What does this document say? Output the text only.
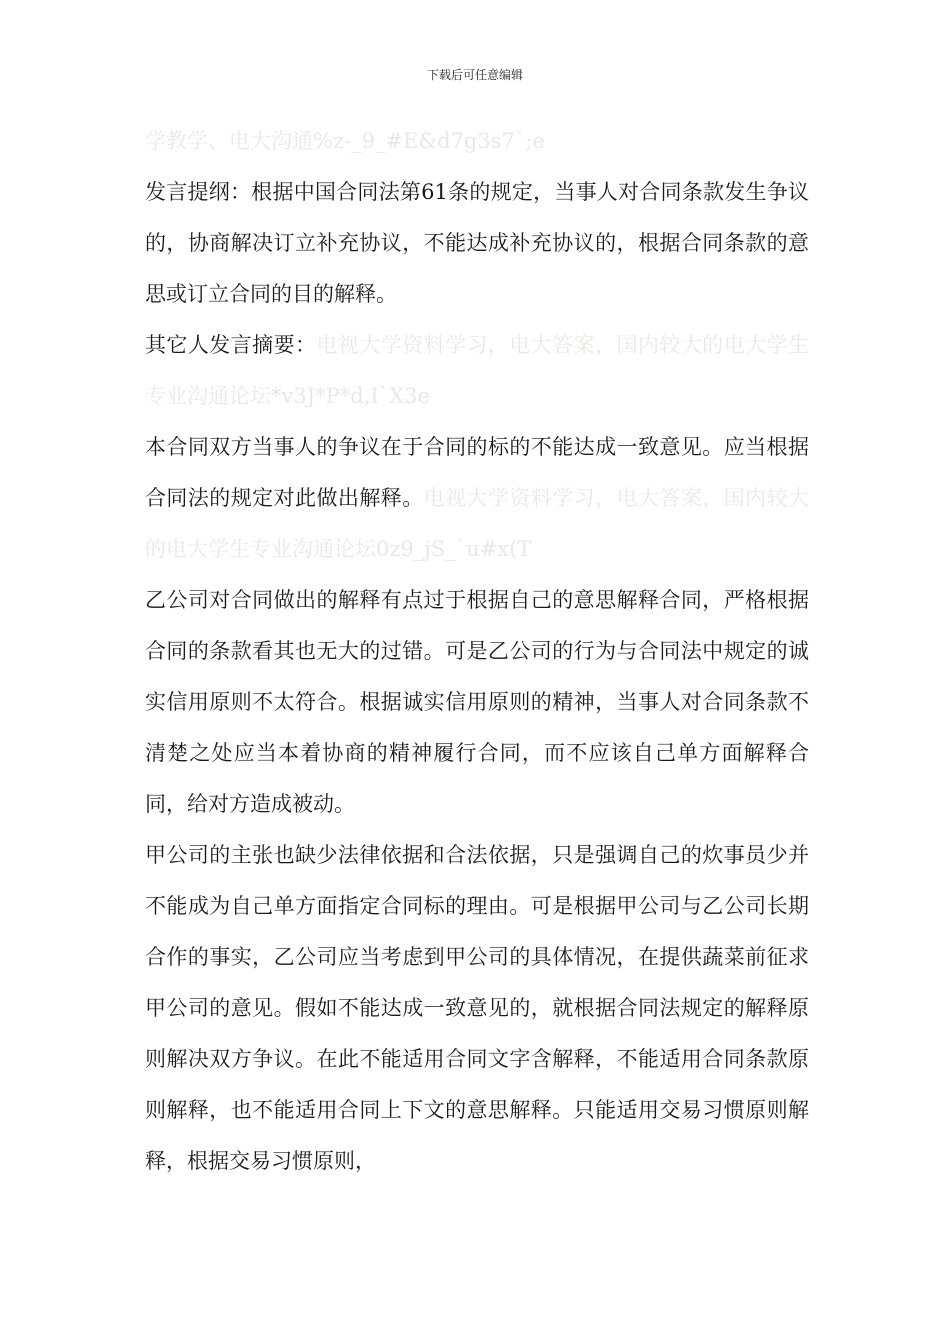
下载后可任意编辑

学教学、电大沟通%z-_9_#E&d7g3s7`;e

发言提纲：根据中国合同法第61条的规定，当事人对合同条款发生争议的，协商解决订立补充协议，不能达成补充协议的，根据合同条款的意思或订立合同的目的解释。

其它人发言摘要：电视大学资料学习，电大答案，国内较大的电大学生专业沟通论坛*v3J*P*d,I`X3e

本合同双方当事人的争议在于合同的标的不能达成一致意见。应当根据合同法的规定对此做出解释。电视大学资料学习，电大答案，国内较大的电大学生专业沟通论坛0z9_jS_`u#x(T

乙公司对合同做出的解释有点过于根据自己的意思解释合同，严格根据合同的条款看其也无大的过错。可是乙公司的行为与合同法中规定的诚实信用原则不太符合。根据诚实信用原则的精神，当事人对合同条款不清楚之处应当本着协商的精神履行合同，而不应该自己单方面解释合同，给对方造成被动。

甲公司的主张也缺少法律依据和合法依据，只是强调自己的炊事员少并不能成为自己单方面指定合同标的理由。可是根据甲公司与乙公司长期合作的事实，乙公司应当考虑到甲公司的具体情况，在提供蔬菜前征求甲公司的意见。假如不能达成一致意见的，就根据合同法规定的解释原则解决双方争议。在此不能适用合同文字含解释，不能适用合同条款原则解释，也不能适用合同上下文的意思解释。只能适用交易习惯原则解释，根据交易习惯原则，
